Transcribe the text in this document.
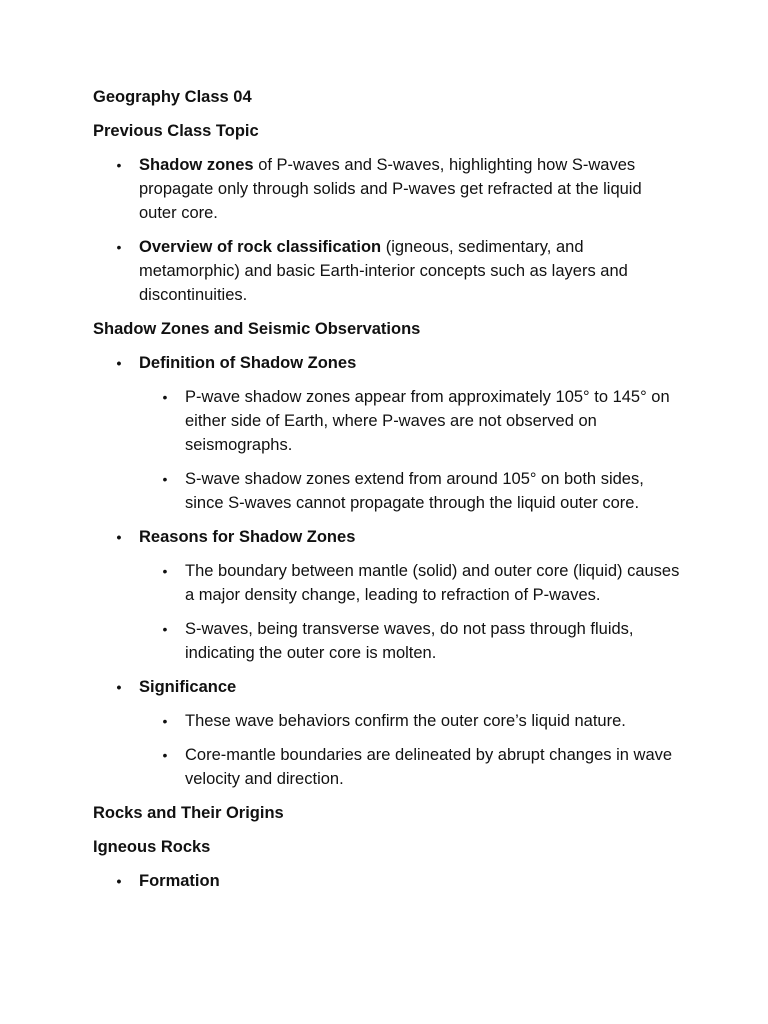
Geography Class 04
Previous Class Topic
• Shadow zones of P-waves and S-waves, highlighting how S-waves propagate only through solids and P-waves get refracted at the liquid outer core.
• Overview of rock classification (igneous, sedimentary, and metamorphic) and basic Earth-interior concepts such as layers and discontinuities.
Shadow Zones and Seismic Observations
• Definition of Shadow Zones
• P-wave shadow zones appear from approximately 105° to 145° on either side of Earth, where P-waves are not observed on seismographs.
• S-wave shadow zones extend from around 105° on both sides, since S-waves cannot propagate through the liquid outer core.
• Reasons for Shadow Zones
• The boundary between mantle (solid) and outer core (liquid) causes a major density change, leading to refraction of P-waves.
• S-waves, being transverse waves, do not pass through fluids, indicating the outer core is molten.
• Significance
• These wave behaviors confirm the outer core’s liquid nature.
• Core-mantle boundaries are delineated by abrupt changes in wave velocity and direction.
Rocks and Their Origins
Igneous Rocks
• Formation
